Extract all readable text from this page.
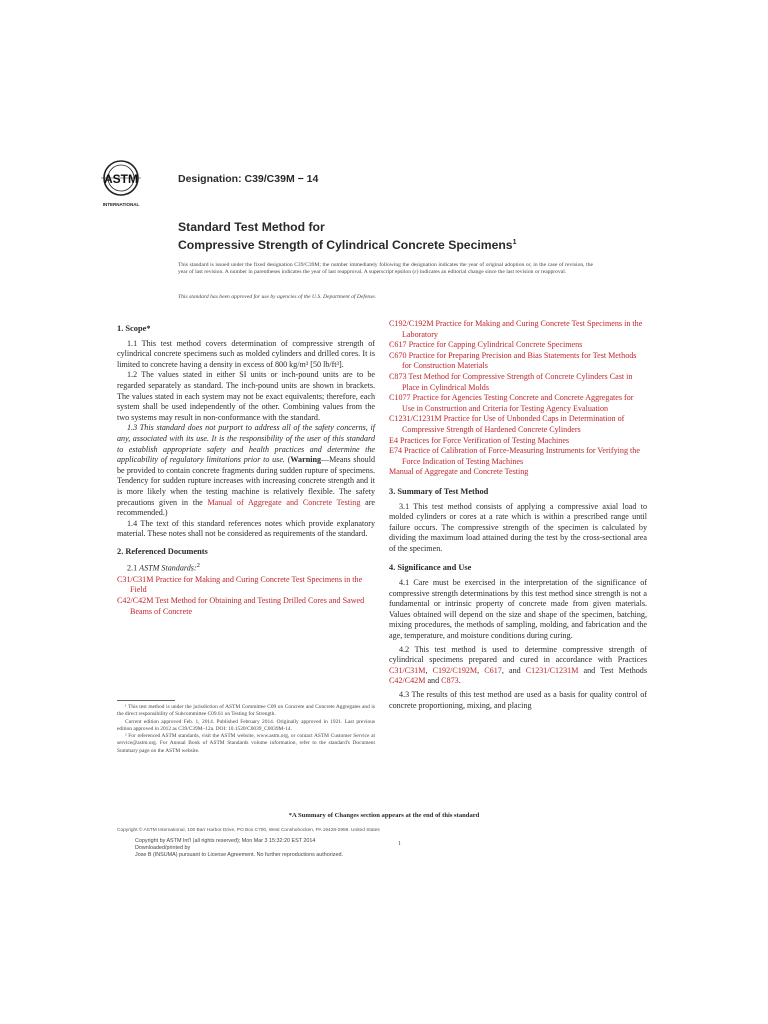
ASTM
INTERNATIONAL
Designation: C39/C39M − 14
Standard Test Method for
Compressive Strength of Cylindrical Concrete Specimens$^1$
This standard is issued under the fixed designation C39/C39M; the number immediately following the designation indicates the year of original adoption or, in the case of revision, the year of last revision. A number in parentheses indicates the year of last reapproval. A superscript epsilon (ε) indicates an editorial change since the last revision or reapproval.
This standard has been approved for use by agencies of the U.S. Department of Defense.
1. Scope*

1.1 This test method covers determination of compressive strength of cylindrical concrete specimens such as molded cylinders and drilled cores. It is limited to concrete having a density in excess of 800 kg/m³ [50 lb/ft³].

1.2 The values stated in either SI units or inch-pound units are to be regarded separately as standard. The inch-pound units are shown in brackets. The values stated in each system may not be exact equivalents; therefore, each system shall be used independently of the other. Combining values from the two systems may result in non-conformance with the standard.

1.3 This standard does not purport to address all of the safety concerns, if any, associated with its use. It is the responsibility of the user of this standard to establish appropriate safety and health practices and determine the applicability of regulatory limitations prior to use. (Warning—Means should be provided to contain concrete fragments during sudden rupture of specimens. Tendency for sudden rupture increases with increasing concrete strength and it is more likely when the testing machine is relatively flexible. The safety precautions given in the Manual of Aggregate and Concrete Testing are recommended.)

1.4 The text of this standard references notes which provide explanatory material. These notes shall not be considered as requirements of the standard.

2. Referenced Documents

2.1 ASTM Standards:$^2$

C31/C31M Practice for Making and Curing Concrete Test Specimens in the Field
C42/C42M Test Method for Obtaining and Testing Drilled Cores and Sawed Beams of Concrete
C192/C192M Practice for Making and Curing Concrete Test Specimens in the Laboratory
C617 Practice for Capping Cylindrical Concrete Specimens
C670 Practice for Preparing Precision and Bias Statements for Test Methods for Construction Materials
C873 Test Method for Compressive Strength of Concrete Cylinders Cast in Place in Cylindrical Molds
C1077 Practice for Agencies Testing Concrete and Concrete Aggregates for Use in Construction and Criteria for Testing Agency Evaluation
C1231/C1231M Practice for Use of Unbonded Caps in Determination of Compressive Strength of Hardened Concrete Cylinders
E4 Practices for Force Verification of Testing Machines
E74 Practice of Calibration of Force-Measuring Instruments for Verifying the Force Indication of Testing Machines
Manual of Aggregate and Concrete Testing
3. Summary of Test Method

3.1 This test method consists of applying a compressive axial load to molded cylinders or cores at a rate which is within a prescribed range until failure occurs. The compressive strength of the specimen is calculated by dividing the maximum load attained during the test by the cross-sectional area of the specimen.

4. Significance and Use

4.1 Care must be exercised in the interpretation of the significance of compressive strength determinations by this test method since strength is not a fundamental or intrinsic property of concrete made from given materials. Values obtained will depend on the size and shape of the specimen, batching, mixing procedures, the methods of sampling, molding, and fabrication and the age, temperature, and moisture conditions during curing.

4.2 This test method is used to determine compressive strength of cylindrical specimens prepared and cured in accordance with Practices C31/C31M, C192/C192M, C617, and C1231/C1231M and Test Methods C42/C42M and C873.

4.3 The results of this test method are used as a basis for quality control of concrete proportioning, mixing, and placing

¹ This test method is under the jurisdiction of ASTM Committee C09 on Concrete and Concrete Aggregates and is the direct responsibility of Subcommittee C09.61 on Testing for Strength.

Current edition approved Feb. 1, 2014. Published February 2014. Originally approved in 1921. Last previous edition approved in 2012 as C39/C39M–12a. DOI: 10.1520/C0039_C0039M-14.

² For referenced ASTM standards, visit the ASTM website, www.astm.org, or contact ASTM Customer Service at service@astm.org. For Annual Book of ASTM Standards volume information, refer to the standard's Document Summary page on the ASTM website.

*A Summary of Changes section appears at the end of this standard
Copyright © ASTM International, 100 Barr Harbor Drive, PO Box C700, West Conshohocken, PA 19428-2959. United States
Copyright by ASTM Int'l (all rights reserved); Mon Mar 3 15:32:20 EST 2014
Downloaded/printed by
Jose B (INSUMA) pursuant to License Agreement. No further reproductions authorized.
1
